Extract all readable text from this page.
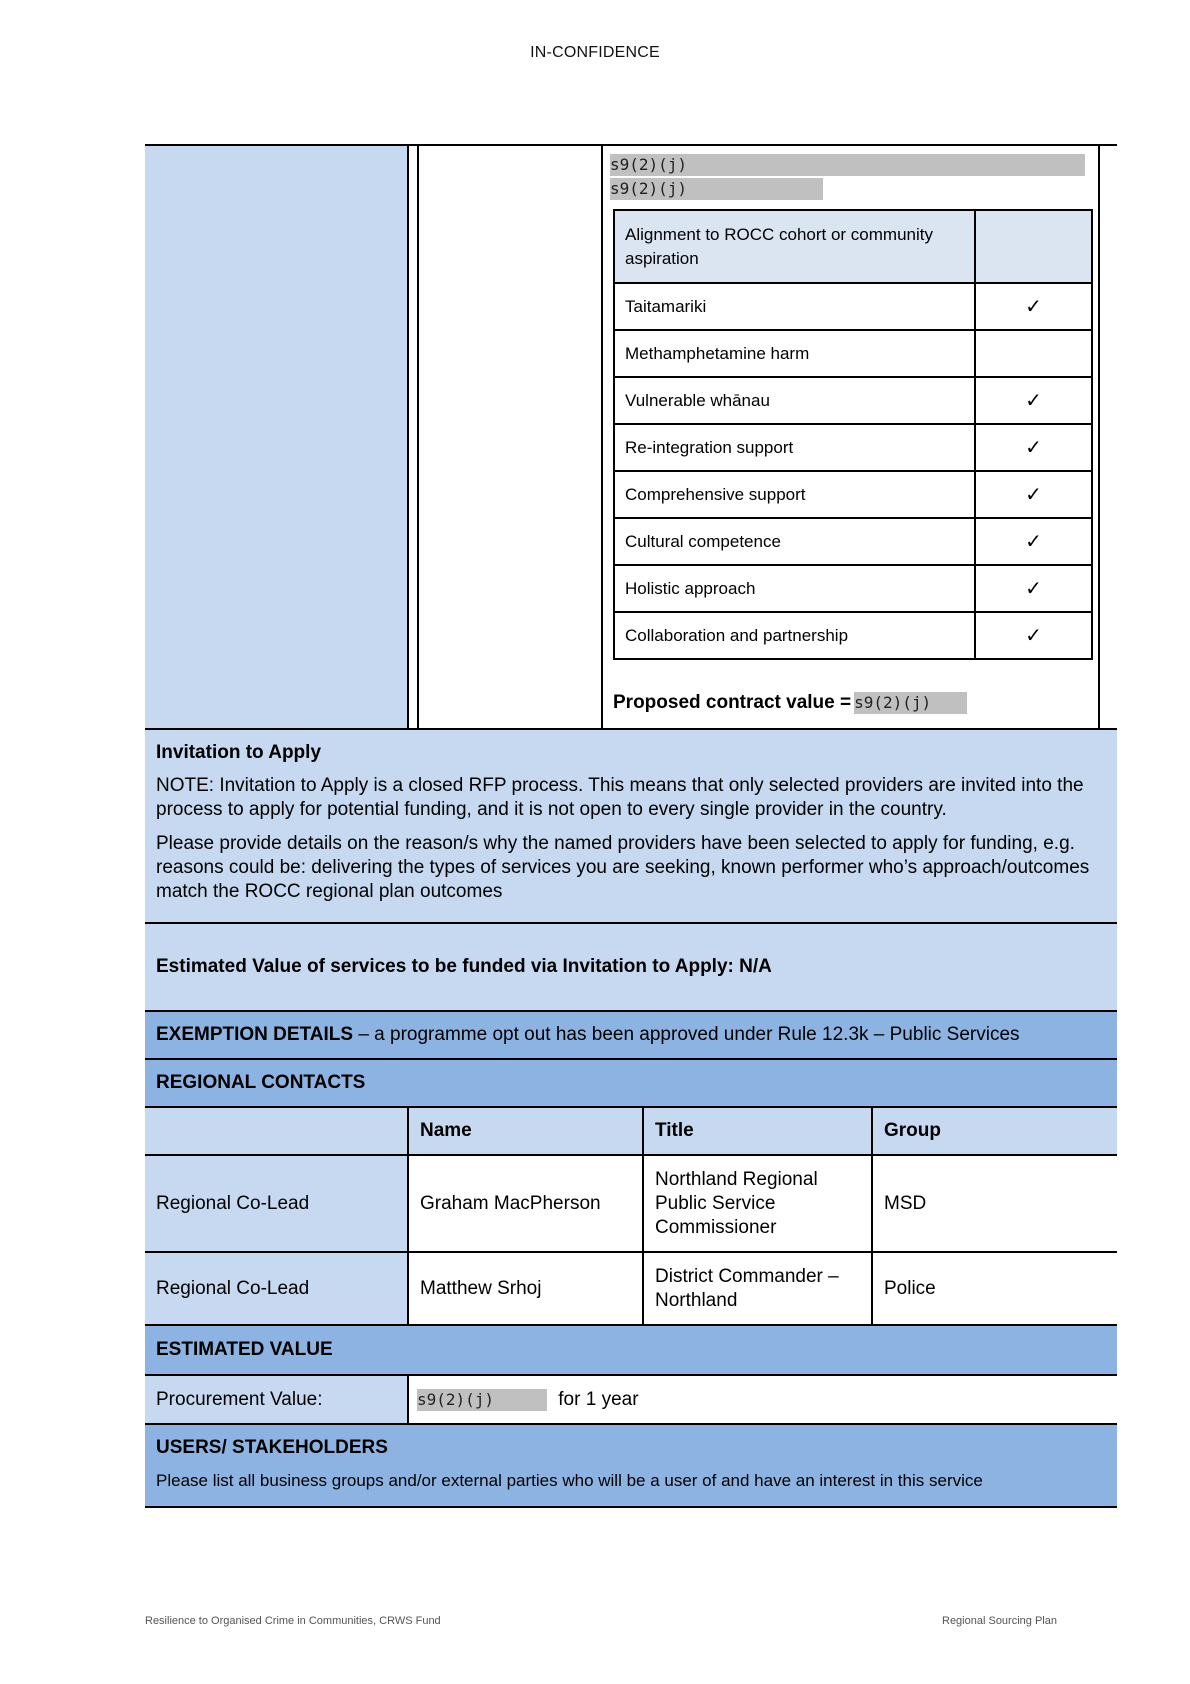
IN-CONFIDENCE
s9(2)(j)
s9(2)(j)
Alignment to ROCC cohort or community aspiration	
Taitamariki	✓
Methamphetamine harm	
Vulnerable whānau	✓
Re-integration support	✓
Comprehensive support	✓
Cultural competence	✓
Holistic approach	✓
Collaboration and partnership	✓
Proposed contract value = s9(2)(j)
Invitation to Apply

NOTE: Invitation to Apply is a closed RFP process. This means that only selected providers are invited into the process to apply for potential funding, and it is not open to every single provider in the country.

Please provide details on the reason/s why the named providers have been selected to apply for funding, e.g. reasons could be: delivering the types of services you are seeking, known performer who’s approach/outcomes match the ROCC regional plan outcomes

Estimated Value of services to be funded via Invitation to Apply: N/A
EXEMPTION DETAILS – a programme opt out has been approved under Rule 12.3k – Public Services
REGIONAL CONTACTS
	Name	Title	Group
Regional Co-Lead	Graham MacPherson	Northland Regional Public Service Commissioner	MSD
Regional Co-Lead	Matthew Srhoj	District Commander – Northland	Police
ESTIMATED VALUE
Procurement Value:	s9(2)(j)	for 1 year
USERS/ STAKEHOLDERS

Please list all business groups and/or external parties who will be a user of and have an interest in this service

Resilience to Organised Crime in Communities, CRWS Fund	Regional Sourcing Plan
